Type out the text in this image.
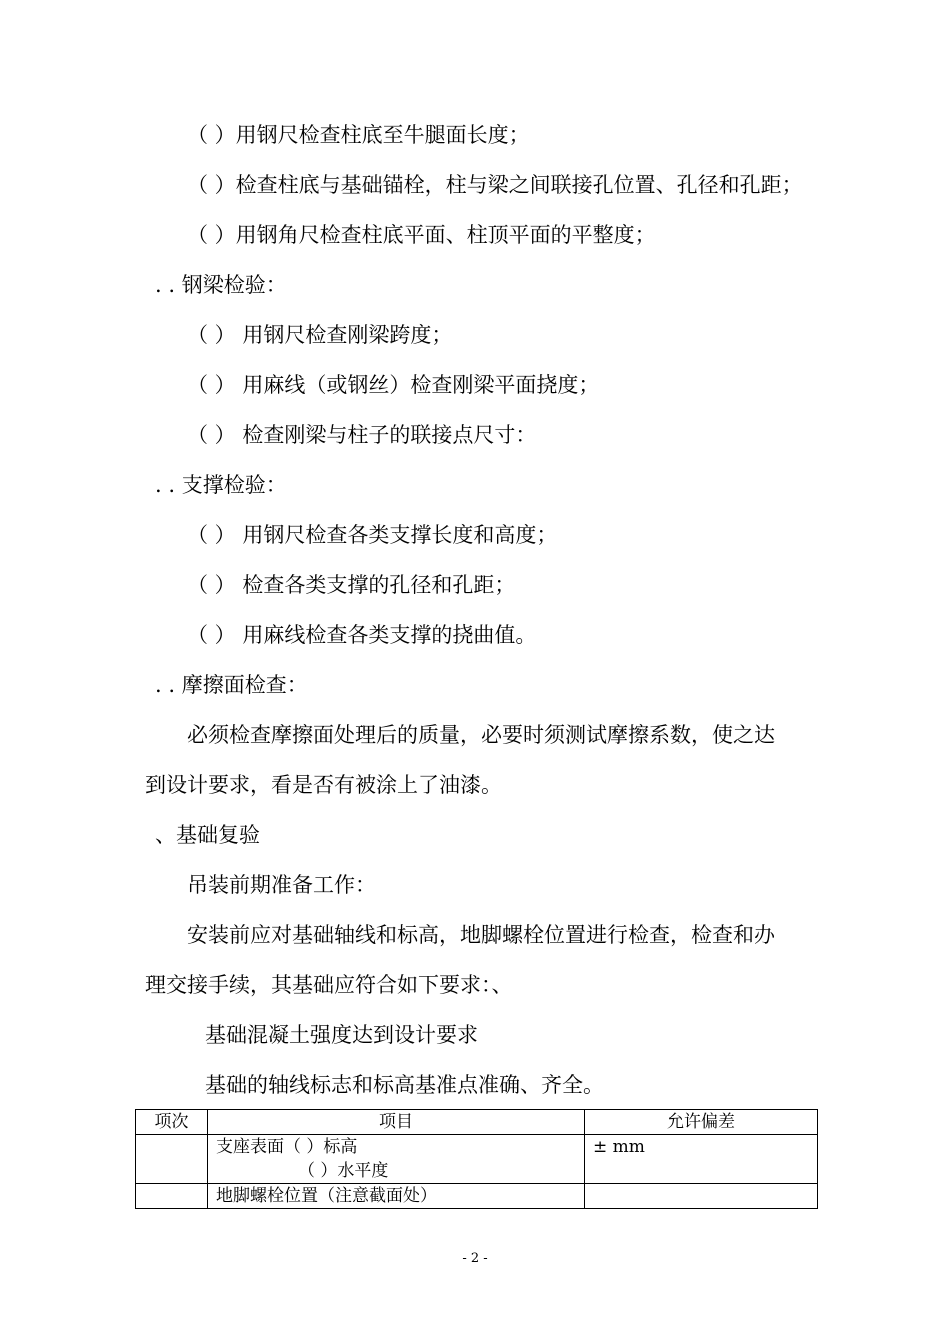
（ ）用钢尺检查柱底至牛腿面长度；
（ ）检查柱底与基础锚栓，柱与梁之间联接孔位置、孔径和孔距；
（ ）用钢角尺检查柱底平面、柱顶平面的平整度；
. . 钢梁检验：
（ ） 用钢尺检查刚梁跨度；
（ ） 用麻线（或钢丝）检查刚梁平面挠度；
（ ） 检查刚梁与柱子的联接点尺寸：
. . 支撑检验：
（ ） 用钢尺检查各类支撑长度和高度；
（ ） 检查各类支撑的孔径和孔距；
（ ） 用麻线检查各类支撑的挠曲值。
. . 摩擦面检查：
必须检查摩擦面处理后的质量，必要时须测试摩擦系数，使之达
到设计要求，看是否有被涂上了油漆。
、基础复验
吊装前期准备工作：
安装前应对基础轴线和标高，地脚螺栓位置进行检查，检查和办
理交接手续，其基础应符合如下要求：、
基础混凝土强度达到设计要求
基础的轴线标志和标高基准点准确、齐全。
项次	项目	允许偏差
	支座表面（ ）标高
（ ）水平度	± mm
	地脚螺栓位置（注意截面处）	
- 2 -
